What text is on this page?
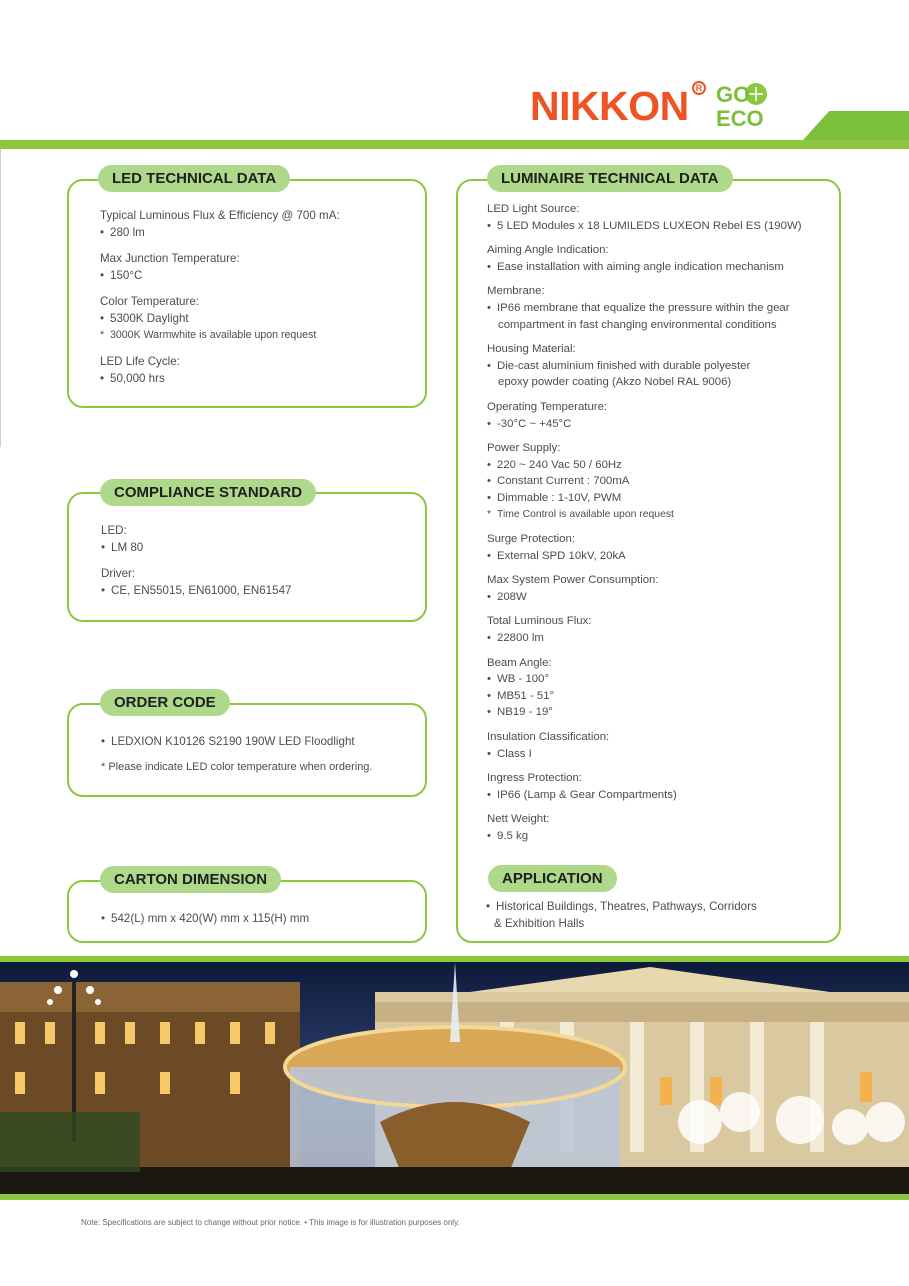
NIKKON R GO
ECO
LED TECHNICAL DATA
Typical Luminous Flux & Efficiency @ 700 mA:
• 280 lm
Max Junction Temperature:
• 150°C
Color Temperature:
• 5300K Daylight
* 3000K Warmwhite is available upon request
LED Life Cycle:
• 50,000 hrs
COMPLIANCE STANDARD
LED:
• LM 80
Driver:
• CE, EN55015, EN61000, EN61547
ORDER CODE
• LEDXION K10126 S2190 190W LED Floodlight
* Please indicate LED color temperature when ordering.
CARTON DIMENSION
• 542(L) mm x 420(W) mm x 115(H) mm
LUMINAIRE TECHNICAL DATA
LED Light Source:
• 5 LED Modules x 18 LUMILEDS LUXEON Rebel ES (190W)
Aiming Angle Indication:
• Ease installation with aiming angle indication mechanism
Membrane:
• IP66 membrane that equalize the pressure within the gear
compartment in fast changing environmental conditions
Housing Material:
• Die-cast aluminium finished with durable polyester
epoxy powder coating (Akzo Nobel RAL 9006)
Operating Temperature:
• -30°C ~ +45°C
Power Supply:
• 220 ~ 240 Vac 50 / 60Hz
• Constant Current : 700mA
• Dimmable : 1-10V, PWM
* Time Control is available upon request
Surge Protection:
• External SPD 10kV, 20kA
Max System Power Consumption:
• 208W
Total Luminous Flux:
• 22800 lm
Beam Angle:
• WB - 100°
• MB51 - 51°
• NB19 - 19°
Insulation Classification:
• Class I
Ingress Protection:
• IP66 (Lamp & Gear Compartments)
Nett Weight:
• 9.5 kg
APPLICATION
• Historical Buildings, Theatres, Pathways, Corridors
& Exhibition Halls
Note: Specifications are subject to change without prior notice. • This image is for illustration purposes only.
